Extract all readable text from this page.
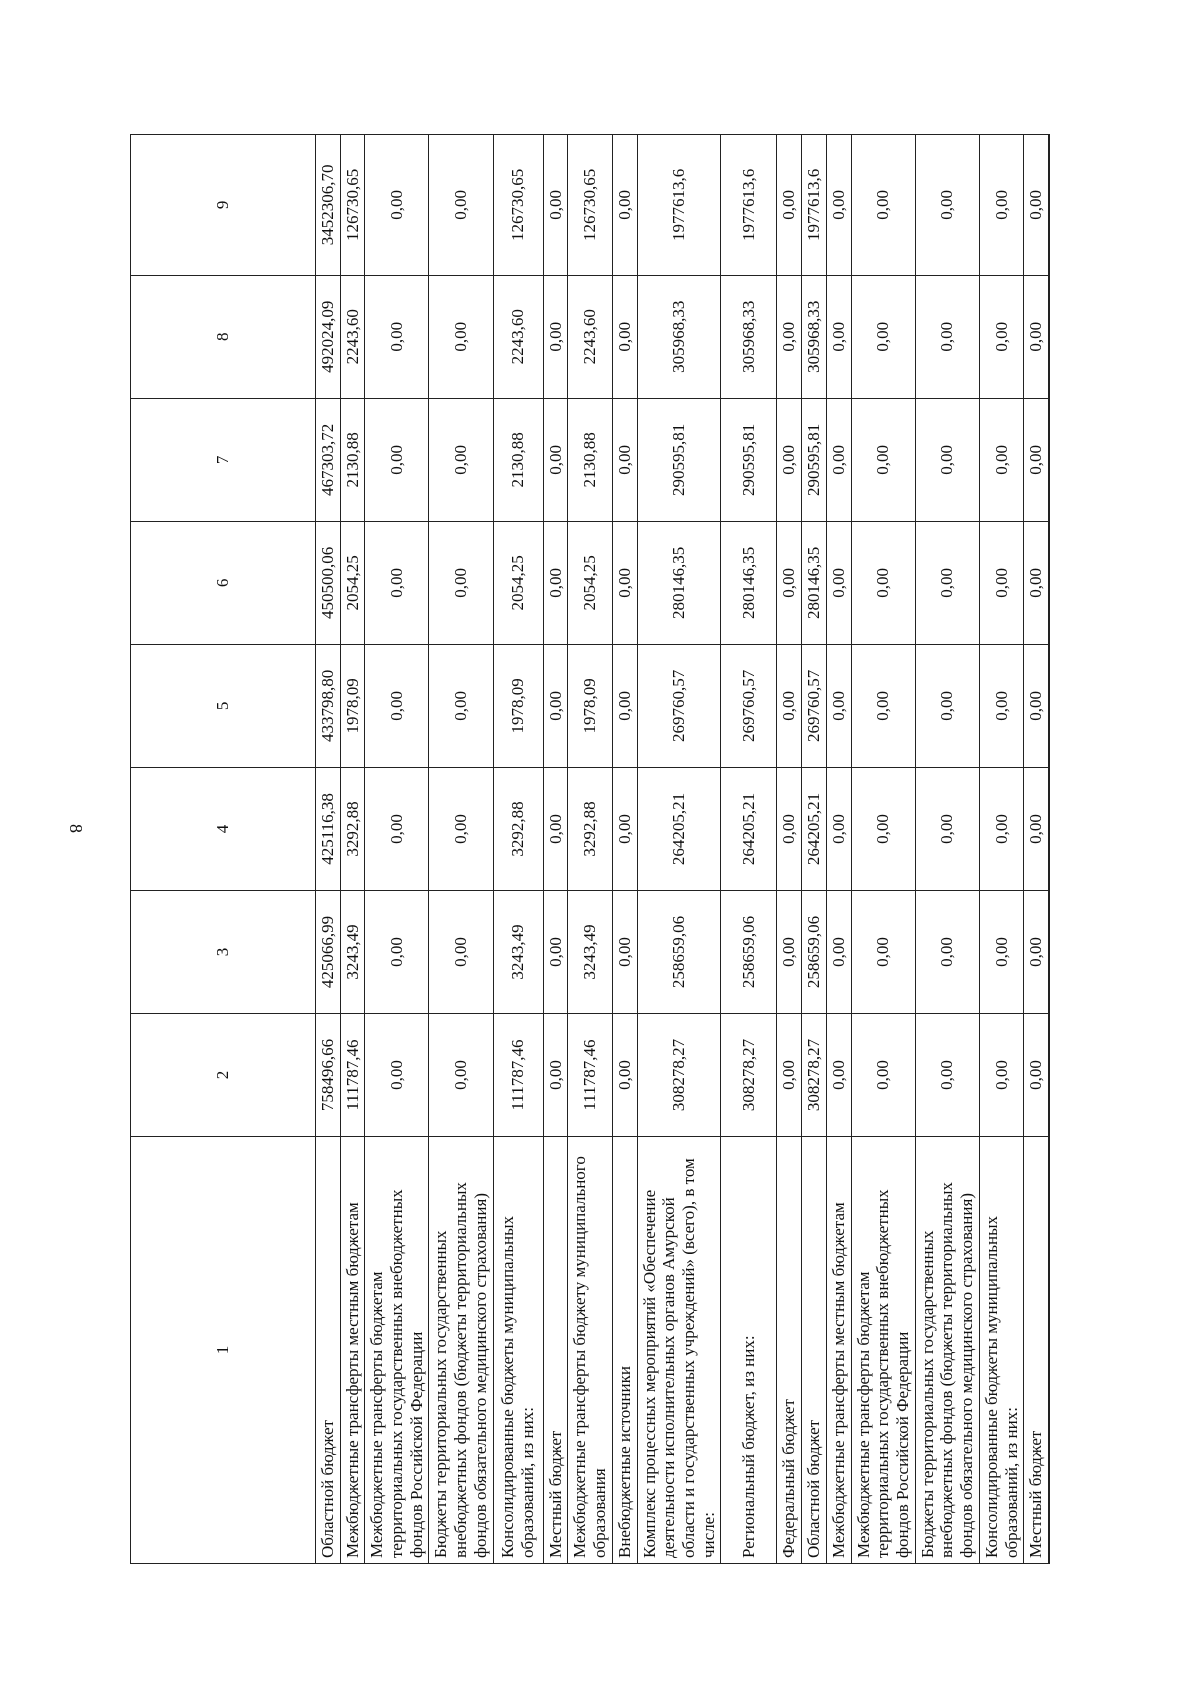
8
1	2	3	4	5	6	7	8	9
Областной бюджет	758496,66	425066,99	425116,38	433798,80	450500,06	467303,72	492024,09	3452306,70
Межбюджетные трансферты местным бюджетам	111787,46	3243,49	3292,88	1978,09	2054,25	2130,88	2243,60	126730,65
Межбюджетные трансферты бюджетам территориальных государственных внебюджетных фондов Российской Федерации	0,00	0,00	0,00	0,00	0,00	0,00	0,00	0,00
Бюджеты территориальных государственных внебюджетных фондов (бюджеты территориальных фондов обязательного медицинского страхования)	0,00	0,00	0,00	0,00	0,00	0,00	0,00	0,00
Консолидированные бюджеты муниципальных образований, из них:	111787,46	3243,49	3292,88	1978,09	2054,25	2130,88	2243,60	126730,65
Местный бюджет	0,00	0,00	0,00	0,00	0,00	0,00	0,00	0,00
Межбюджетные трансферты бюджету муниципального образования	111787,46	3243,49	3292,88	1978,09	2054,25	2130,88	2243,60	126730,65
Внебюджетные источники	0,00	0,00	0,00	0,00	0,00	0,00	0,00	0,00
Комплекс процессных мероприятий «Обеспечение деятельности исполнительных органов Амурской области и государственных учреждений» (всего), в том числе:	308278,27	258659,06	264205,21	269760,57	280146,35	290595,81	305968,33	1977613,6
Региональный бюджет, из них:	308278,27	258659,06	264205,21	269760,57	280146,35	290595,81	305968,33	1977613,6
Федеральный бюджет	0,00	0,00	0,00	0,00	0,00	0,00	0,00	0,00
Областной бюджет	308278,27	258659,06	264205,21	269760,57	280146,35	290595,81	305968,33	1977613,6
Межбюджетные трансферты местным бюджетам	0,00	0,00	0,00	0,00	0,00	0,00	0,00	0,00
Межбюджетные трансферты бюджетам территориальных государственных внебюджетных фондов Российской Федерации	0,00	0,00	0,00	0,00	0,00	0,00	0,00	0,00
Бюджеты территориальных государственных внебюджетных фондов (бюджеты территориальных фондов обязательного медицинского страхования)	0,00	0,00	0,00	0,00	0,00	0,00	0,00	0,00
Консолидированные бюджеты муниципальных образований, из них:	0,00	0,00	0,00	0,00	0,00	0,00	0,00	0,00
Местный бюджет	0,00	0,00	0,00	0,00	0,00	0,00	0,00	0,00
